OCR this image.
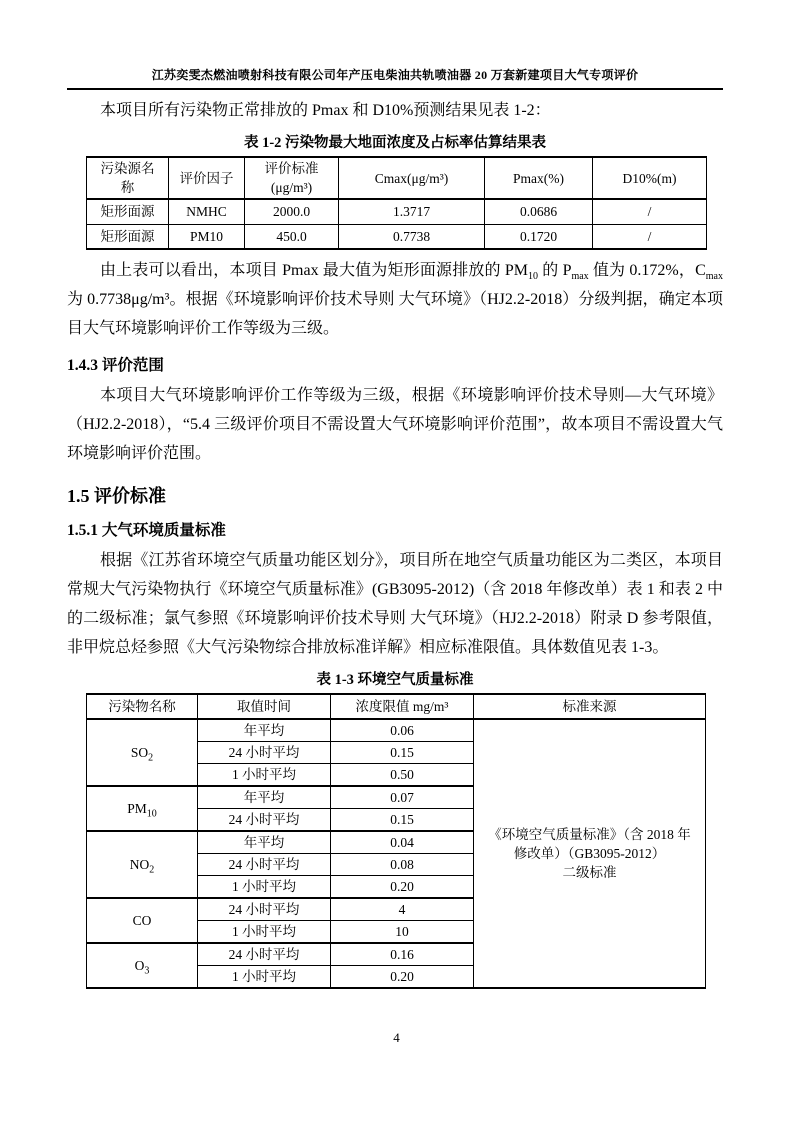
江苏奕雯杰燃油喷射科技有限公司年产压电柴油共轨喷油器 20 万套新建项目大气专项评价

本项目所有污染物正常排放的 Pmax 和 D10%预测结果见表 1-2：

表 1-2 污染物最大地面浓度及占标率估算结果表
污染源名称	评价因子	评价标准(μg/m³)	Cmax(μg/m³)	Pmax(%)	D10%(m)
矩形面源	NMHC	2000.0	1.3717	0.0686	/
矩形面源	PM10	450.0	0.7738	0.1720	/

由上表可以看出，本项目 Pmax 最大值为矩形面源排放的 $PM_{10}$ 的 $P_{max}$ 值为 0.172%，$C_{max}$ 为 0.7738μg/m³。根据《环境影响评价技术导则 大气环境》（HJ2.2-2018）分级判据，确定本项目大气环境影响评价工作等级为三级。

1.4.3 评价范围

本项目大气环境影响评价工作等级为三级，根据《环境影响评价技术导则—大气环境》（HJ2.2-2018），“5.4 三级评价项目不需设置大气环境影响评价范围”，故本项目不需设置大气环境影响评价范围。

1.5 评价标准
1.5.1 大气环境质量标准

根据《江苏省环境空气质量功能区划分》，项目所在地空气质量功能区为二类区，本项目常规大气污染物执行《环境空气质量标准》(GB3095-2012)（含 2018 年修改单）表 1 和表 2 中的二级标准；氯气参照《环境影响评价技术导则 大气环境》（HJ2.2-2018）附录 D 参考限值，非甲烷总烃参照《大气污染物综合排放标准详解》相应标准限值。具体数值见表 1-3。

表 1-3 环境空气质量标准
污染物名称	取值时间	浓度限值 mg/m³	标准来源
$SO_2$	年平均	0.06	《环境空气质量标准》（含 2018 年
修改单）（GB3095-2012）
二级标准

	24 小时平均	0.15	
	1 小时平均	0.50	
$PM_{10}$	年平均	0.07	
	24 小时平均	0.15	
$NO_2$	年平均	0.04	
	24 小时平均	0.08	
	1 小时平均	0.20	
CO	24 小时平均	4	
	1 小时平均	10	
$O_3$	24 小时平均	0.16	
	1 小时平均	0.20	
4
